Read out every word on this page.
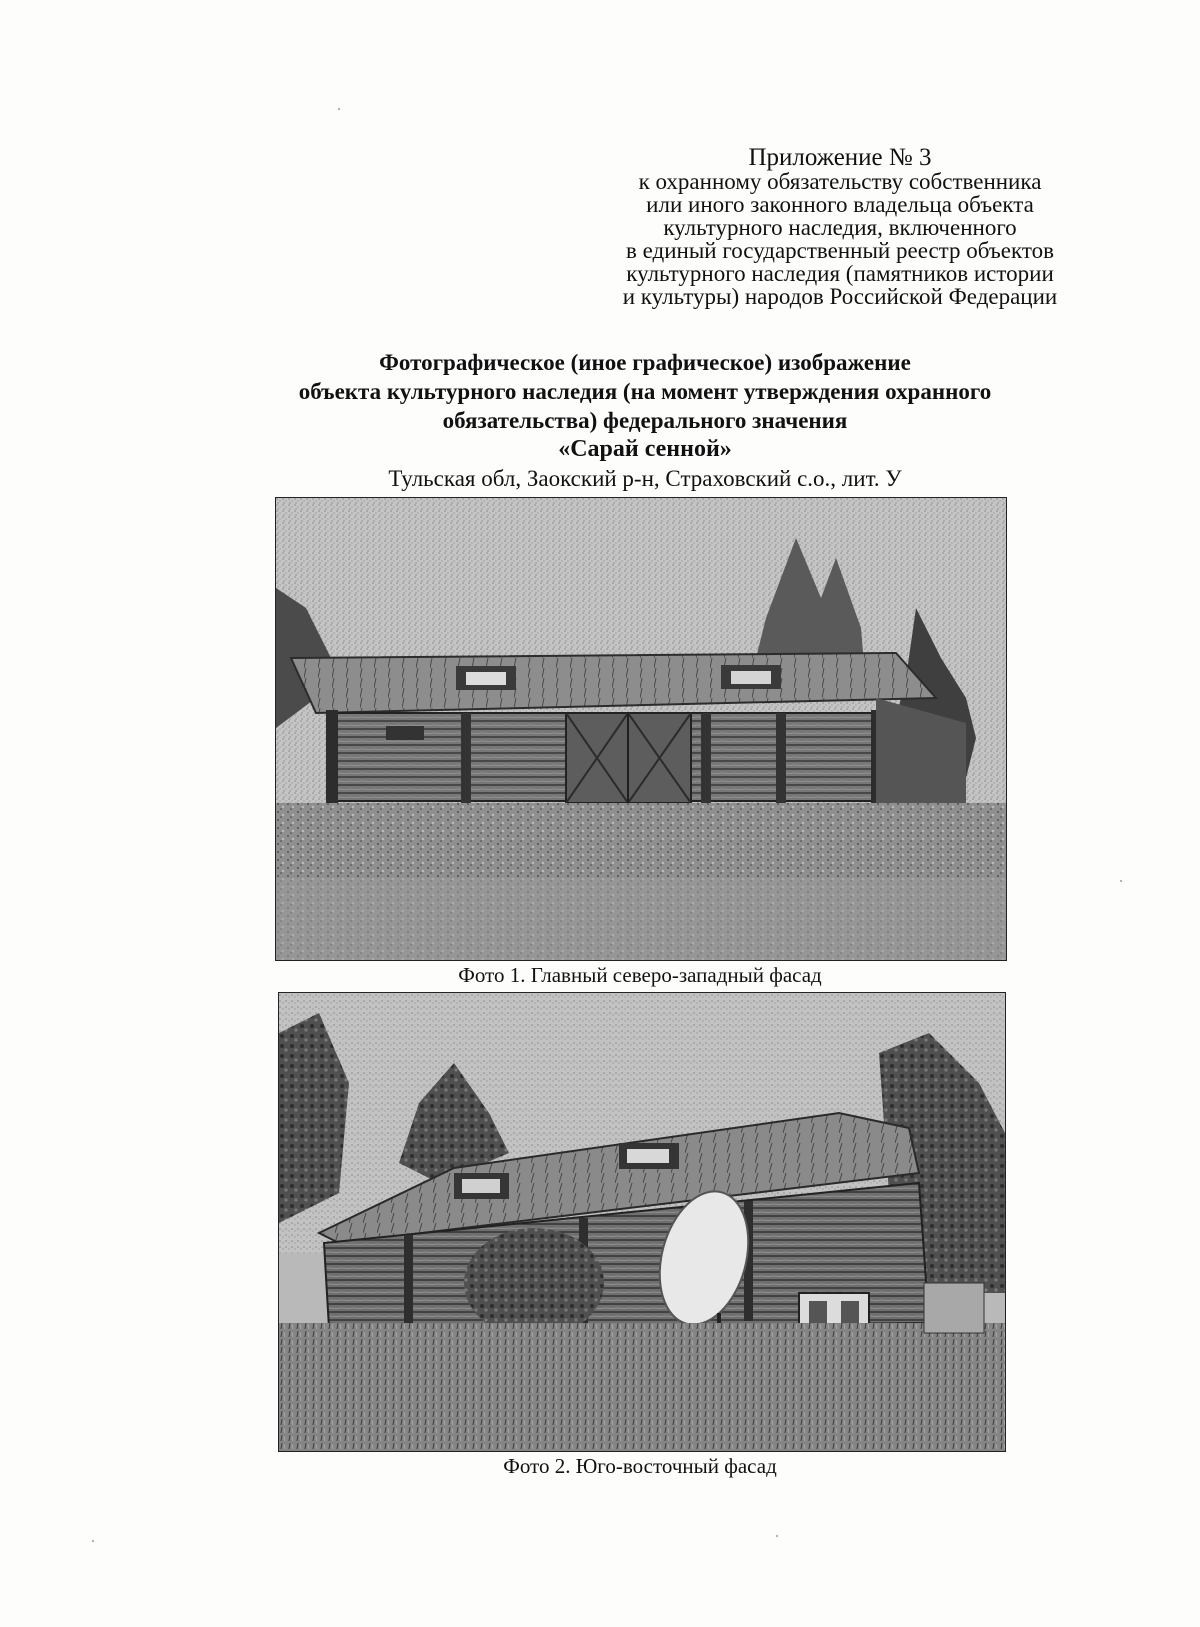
Приложение № 3
к охранному обязательству собственника
или иного законного владельца объекта
культурного наследия, включенного
в единый государственный реестр объектов
культурного наследия (памятников истории
и культуры) народов Российской Федерации
Фотографическое (иное графическое) изображение
объекта культурного наследия (на момент утверждения охранного
обязательства) федерального значения
«Сарай сенной»
Тульская обл, Заокский р-н, Страховский с.о., лит. У
Фото 1. Главный северо-западный фасад
Фото 2. Юго-восточный фасад
